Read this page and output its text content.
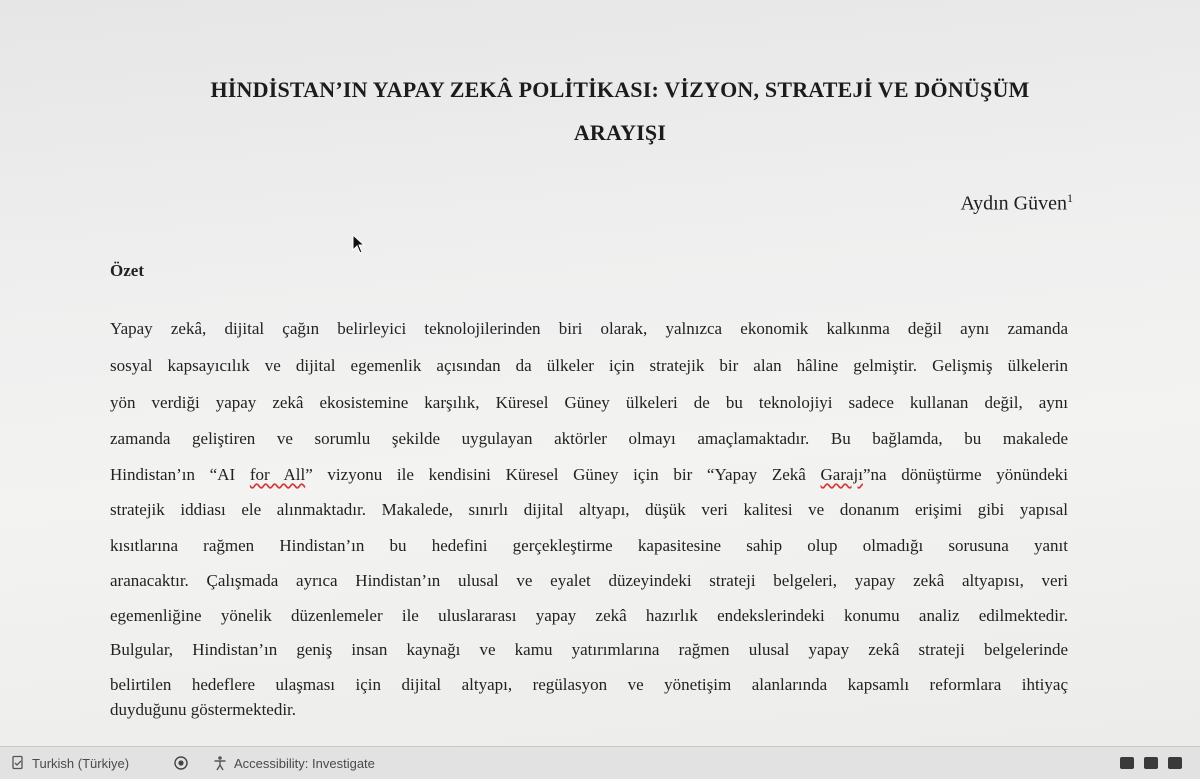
HİNDİSTAN’IN YAPAY ZEKÂ POLİTİKASI: VİZYON, STRATEJİ VE DÖNÜŞÜM
ARAYIŞI
Aydın Güven$^1$
Özet
Yapay zekâ, dijital çağın belirleyici teknolojilerinden biri olarak, yalnızca ekonomik kalkınma değil aynı zamanda
sosyal kapsayıcılık ve dijital egemenlik açısından da ülkeler için stratejik bir alan hâline gelmiştir. Gelişmiş ülkelerin
yön verdiği yapay zekâ ekosistemine karşılık, Küresel Güney ülkeleri de bu teknolojiyi sadece kullanan değil, aynı
zamanda geliştiren ve sorumlu şekilde uygulayan aktörler olmayı amaçlamaktadır. Bu bağlamda, bu makalede
Hindistan’ın “AI for All” vizyonu ile kendisini Küresel Güney için bir “Yapay Zekâ Garajı”na dönüştürme yönündeki
stratejik iddiası ele alınmaktadır. Makalede, sınırlı dijital altyapı, düşük veri kalitesi ve donanım erişimi gibi yapısal
kısıtlarına rağmen Hindistan’ın bu hedefini gerçekleştirme kapasitesine sahip olup olmadığı sorusuna yanıt
aranacaktır. Çalışmada ayrıca Hindistan’ın ulusal ve eyalet düzeyindeki strateji belgeleri, yapay zekâ altyapısı, veri
egemenliğine yönelik düzenlemeler ile uluslararası yapay zekâ hazırlık endekslerindeki konumu analiz edilmektedir.
Bulgular, Hindistan’ın geniş insan kaynağı ve kamu yatırımlarına rağmen ulusal yapay zekâ strateji belgelerinde
belirtilen hedeflere ulaşması için dijital altyapı, regülasyon ve yönetişim alanlarında kapsamlı reformlara ihtiyaç
duyduğunu göstermektedir.
Turkish (Türkiye)	Accessibility: Investigate
